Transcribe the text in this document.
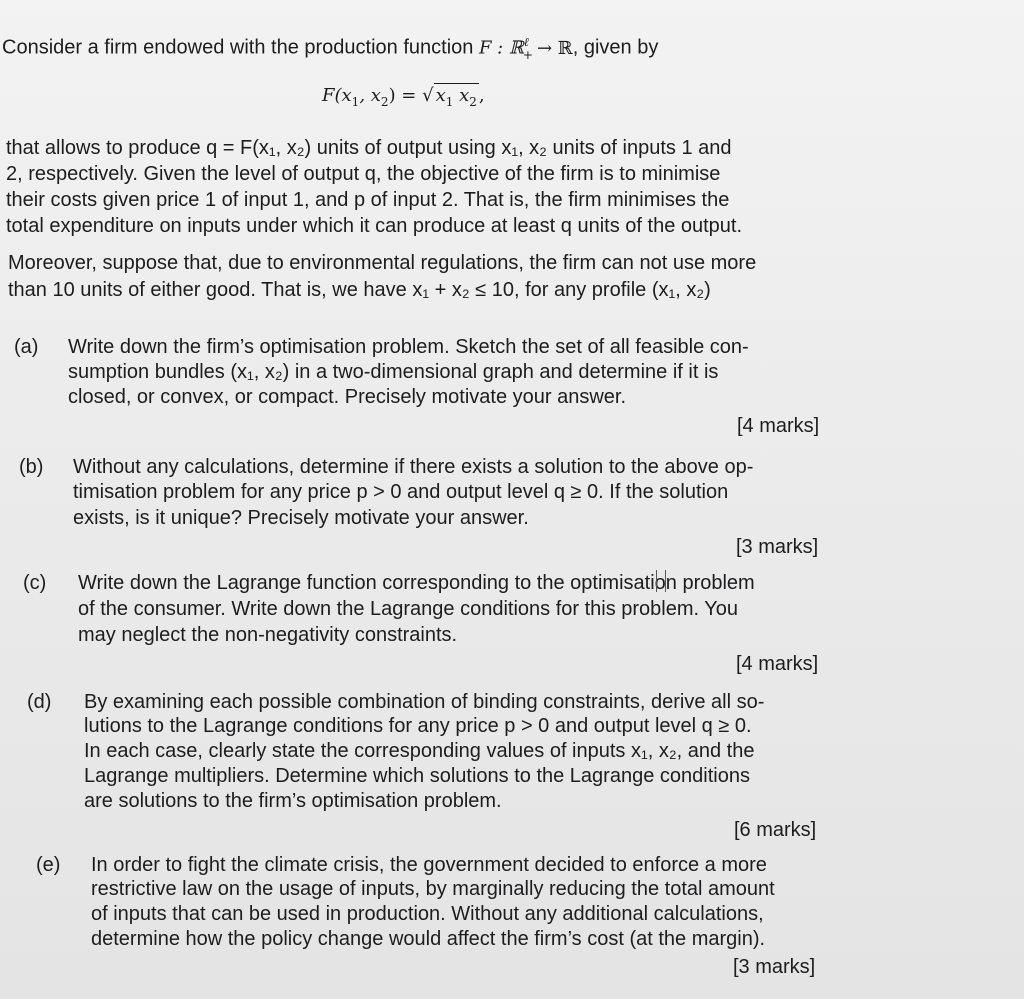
Consider a firm endowed with the production function F : ℝ$^\ell_+$ → ℝ, given by
$F(x_1$, $x_2$) = √ $x_1$ $x_2$ ,
that allows to produce q = F(x₁, x₂) units of output using x₁, x₂ units of inputs 1 and
2, respectively. Given the level of output q, the objective of the firm is to minimise
their costs given price 1 of input 1, and p of input 2. That is, the firm minimises the
total expenditure on inputs under which it can produce at least q units of the output.
Moreover, suppose that, due to environmental regulations, the firm can not use more
than 10 units of either good. That is, we have x₁ + x₂ ≤ 10, for any profile (x₁, x₂)
(a) Write down the firm’s optimisation problem. Sketch the set of all feasible con-
sumption bundles (x₁, x₂) in a two-dimensional graph and determine if it is
closed, or convex, or compact. Precisely motivate your answer.
[4 marks]
(b) Without any calculations, determine if there exists a solution to the above op-
timisation problem for any price p > 0 and output level q ≥ 0. If the solution
exists, is it unique? Precisely motivate your answer.
[3 marks]
(c) Write down the Lagrange function corresponding to the optimisation problem
of the consumer. Write down the Lagrange conditions for this problem. You
may neglect the non-negativity constraints.
[4 marks]
(d) By examining each possible combination of binding constraints, derive all so-
lutions to the Lagrange conditions for any price p > 0 and output level q ≥ 0.
In each case, clearly state the corresponding values of inputs x₁, x₂, and the
Lagrange multipliers. Determine which solutions to the Lagrange conditions
are solutions to the firm’s optimisation problem.
[6 marks]
(e) In order to fight the climate crisis, the government decided to enforce a more
restrictive law on the usage of inputs, by marginally reducing the total amount
of inputs that can be used in production. Without any additional calculations,
determine how the policy change would affect the firm’s cost (at the margin).
[3 marks]
